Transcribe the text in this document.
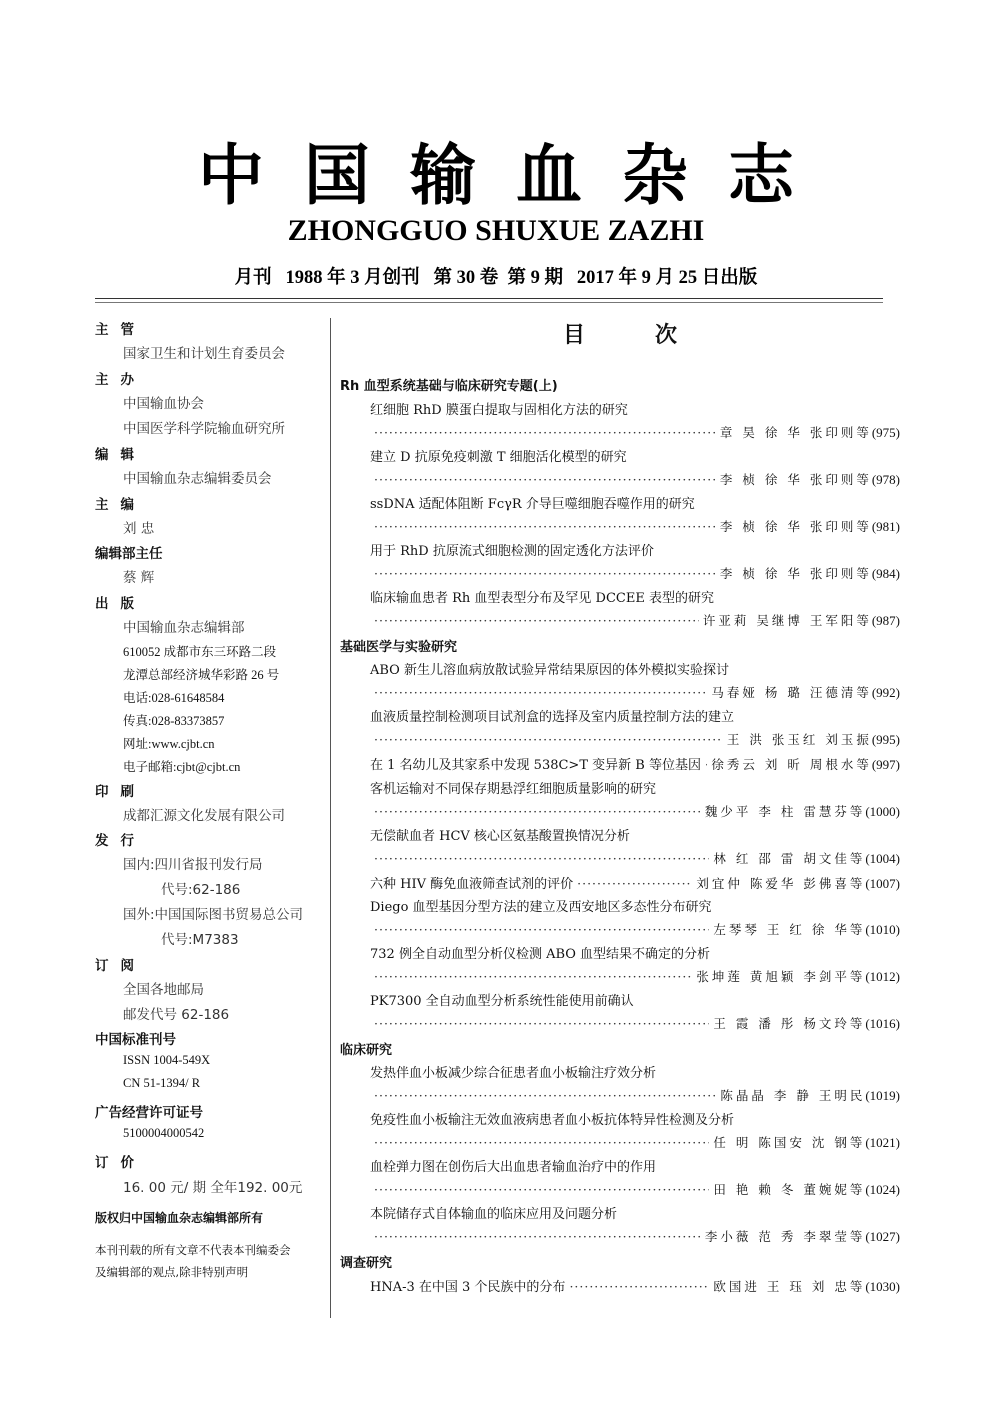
中国输血杂志
ZHONGGUO SHUXUE ZAZHI
月刊   1988 年 3 月创刊   第 30 卷  第 9 期   2017 年 9 月 25 日出版
主管
国家卫生和计划生育委员会
主办
中国输血协会
中国医学科学院输血研究所
编辑
中国输血杂志编辑委员会
主编
刘 忠
编辑部主任
蔡 辉
出版
中国输血杂志编辑部
610052 成都市东三环路二段
龙潭总部经济城华彩路 26 号
电话:028-61648584
传真:028-83373857
网址:www.cjbt.cn
电子邮箱:cjbt@cjbt.cn
印刷
成都汇源文化发展有限公司
发行
国内:四川省报刊发行局
代号:62-186
国外:中国国际图书贸易总公司
代号:M7383
订阅
全国各地邮局
邮发代号 62-186
中国标准刊号
ISSN 1004-549X
CN 51-1394/ R
广告经营许可证号
5100004000542
订价
16. 00 元/ 期 全年192. 00元
版权归中国输血杂志编辑部所有
本刊刊载的所有文章不代表本刊编委会
及编辑部的观点,除非特别声明
目次
Rh 血型系统基础与临床研究专题(上)
红细胞 RhD 膜蛋白提取与固相化方法的研究
·····
章 昊 徐 华 张印则等 (975)
建立 D 抗原免疫刺激 T 细胞活化模型的研究
·····
李 桢 徐 华 张印则等 (978)
ssDNA 适配体阻断 FcγR 介导巨噬细胞吞噬作用的研究
·····
李 桢 徐 华 张印则等 (981)
用于 RhD 抗原流式细胞检测的固定透化方法评价
·····
李 桢 徐 华 张印则等 (984)
临床输血患者 Rh 血型表型分布及罕见 DCCEE 表型的研究
·····
许亚莉 吴继博 王军阳等 (987)
基础医学与实验研究
ABO 新生儿溶血病放散试验异常结果原因的体外模拟实验探讨
·····
马春娅 杨 璐 汪德清等 (992)
血液质量控制检测项目试剂盒的选择及室内质量控制方法的建立
·····
王 洪 张玉红 刘玉振 (995)
在 1 名幼儿及其家系中发现 538C>T 变异新 B 等位基因 ····· 徐秀云 刘 昕 周根水等 (997)
客机运输对不同保存期悬浮红细胞质量影响的研究
·····
魏少平 李 柱 雷慧芬等 (1000)
无偿献血者 HCV 核心区氨基酸置换情况分析
·····
林 红 邵 雷 胡文佳等 (1004)
六种 HIV 酶免血液筛查试剂的评价 ·····	刘宜仲 陈爱华 彭佛喜等 (1007)
Diego 血型基因分型方法的建立及西安地区多态性分布研究
·····
左琴琴 王 红 徐 华等 (1010)
732 例全自动血型分析仪检测 ABO 血型结果不确定的分析
·····
张坤莲 黄旭颖 李剑平等 (1012)
PK7300 全自动血型分析系统性能使用前确认
·····
王 霞 潘 彤 杨文玲等 (1016)
临床研究
发热伴血小板减少综合征患者血小板输注疗效分析
·····
陈晶晶 李 静 王明民 (1019)
免疫性血小板输注无效血液病患者血小板抗体特异性检测及分析
·····
任 明 陈国安 沈 钢等 (1021)
血栓弹力图在创伤后大出血患者输血治疗中的作用
·····
田 艳 赖 冬 董婉妮等 (1024)
本院储存式自体输血的临床应用及问题分析
·····
李小薇 范 秀 李翠莹等 (1027)
调查研究
HNA-3 在中国 3 个民族中的分布 ·····	欧国进 王 珏 刘 忠等 (1030)
